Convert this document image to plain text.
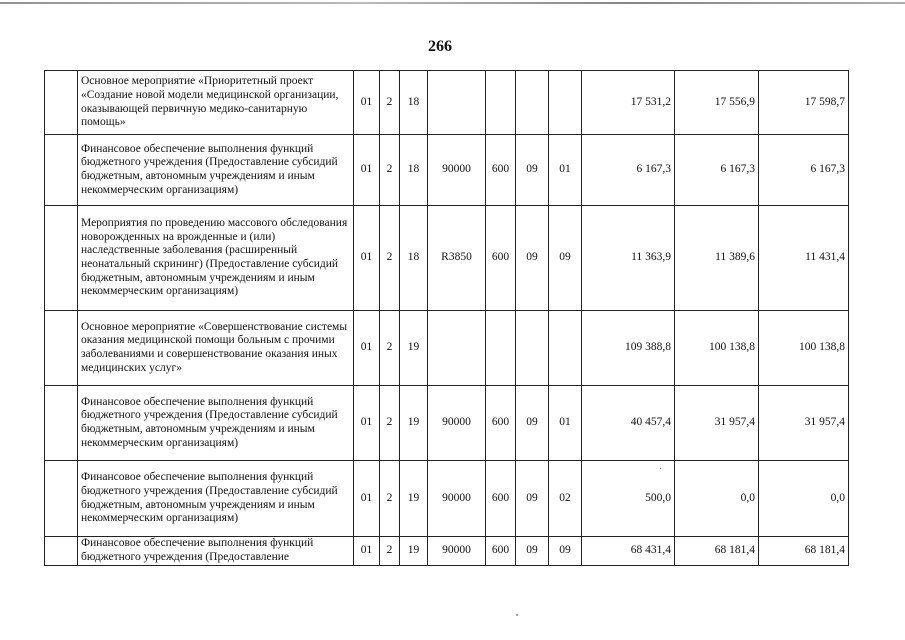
266
	Основное мероприятие «Приоритетный проект «Создание новой модели медицинской организации, оказывающей первичную медико-санитарную помощь»	01	2	18					17 531,2	17 556,9	17 598,7
	Финансовое обеспечение выполнения функций бюджетного учреждения (Предоставление субсидий бюджетным, автономным учреждениям и иным некоммерческим организациям)	01	2	18	90000	600	09	01	6 167,3	6 167,3	6 167,3
	Мероприятия по проведению массового обследования новорожденных на врожденные и (или) наследственные заболевания (расширенный неонатальный скрининг) (Предоставление субсидий бюджетным, автономным учреждениям и иным некоммерческим организациям)	01	2	18	R3850	600	09	09	11 363,9	11 389,6	11 431,4
	Основное мероприятие «Совершенствование системы оказания медицинской помощи больным с прочими заболеваниями и совершенствование оказания иных медицинских услуг»	01	2	19					109 388,8	100 138,8	100 138,8
	Финансовое обеспечение выполнения функций бюджетного учреждения (Предоставление субсидий бюджетным, автономным учреждениям и иным некоммерческим организациям)	01	2	19	90000	600	09	01	40 457,4	31 957,4	31 957,4
	Финансовое обеспечение выполнения функций бюджетного учреждения (Предоставление субсидий бюджетным, автономным учреждениям и иным некоммерческим организациям)	01	2	19	90000	600	09	02	500,0	0,0	0,0
	Финансовое обеспечение выполнения функций бюджетного учреждения (Предоставление	01	2	19	90000	600	09	09	68 431,4	68 181,4	68 181,4
